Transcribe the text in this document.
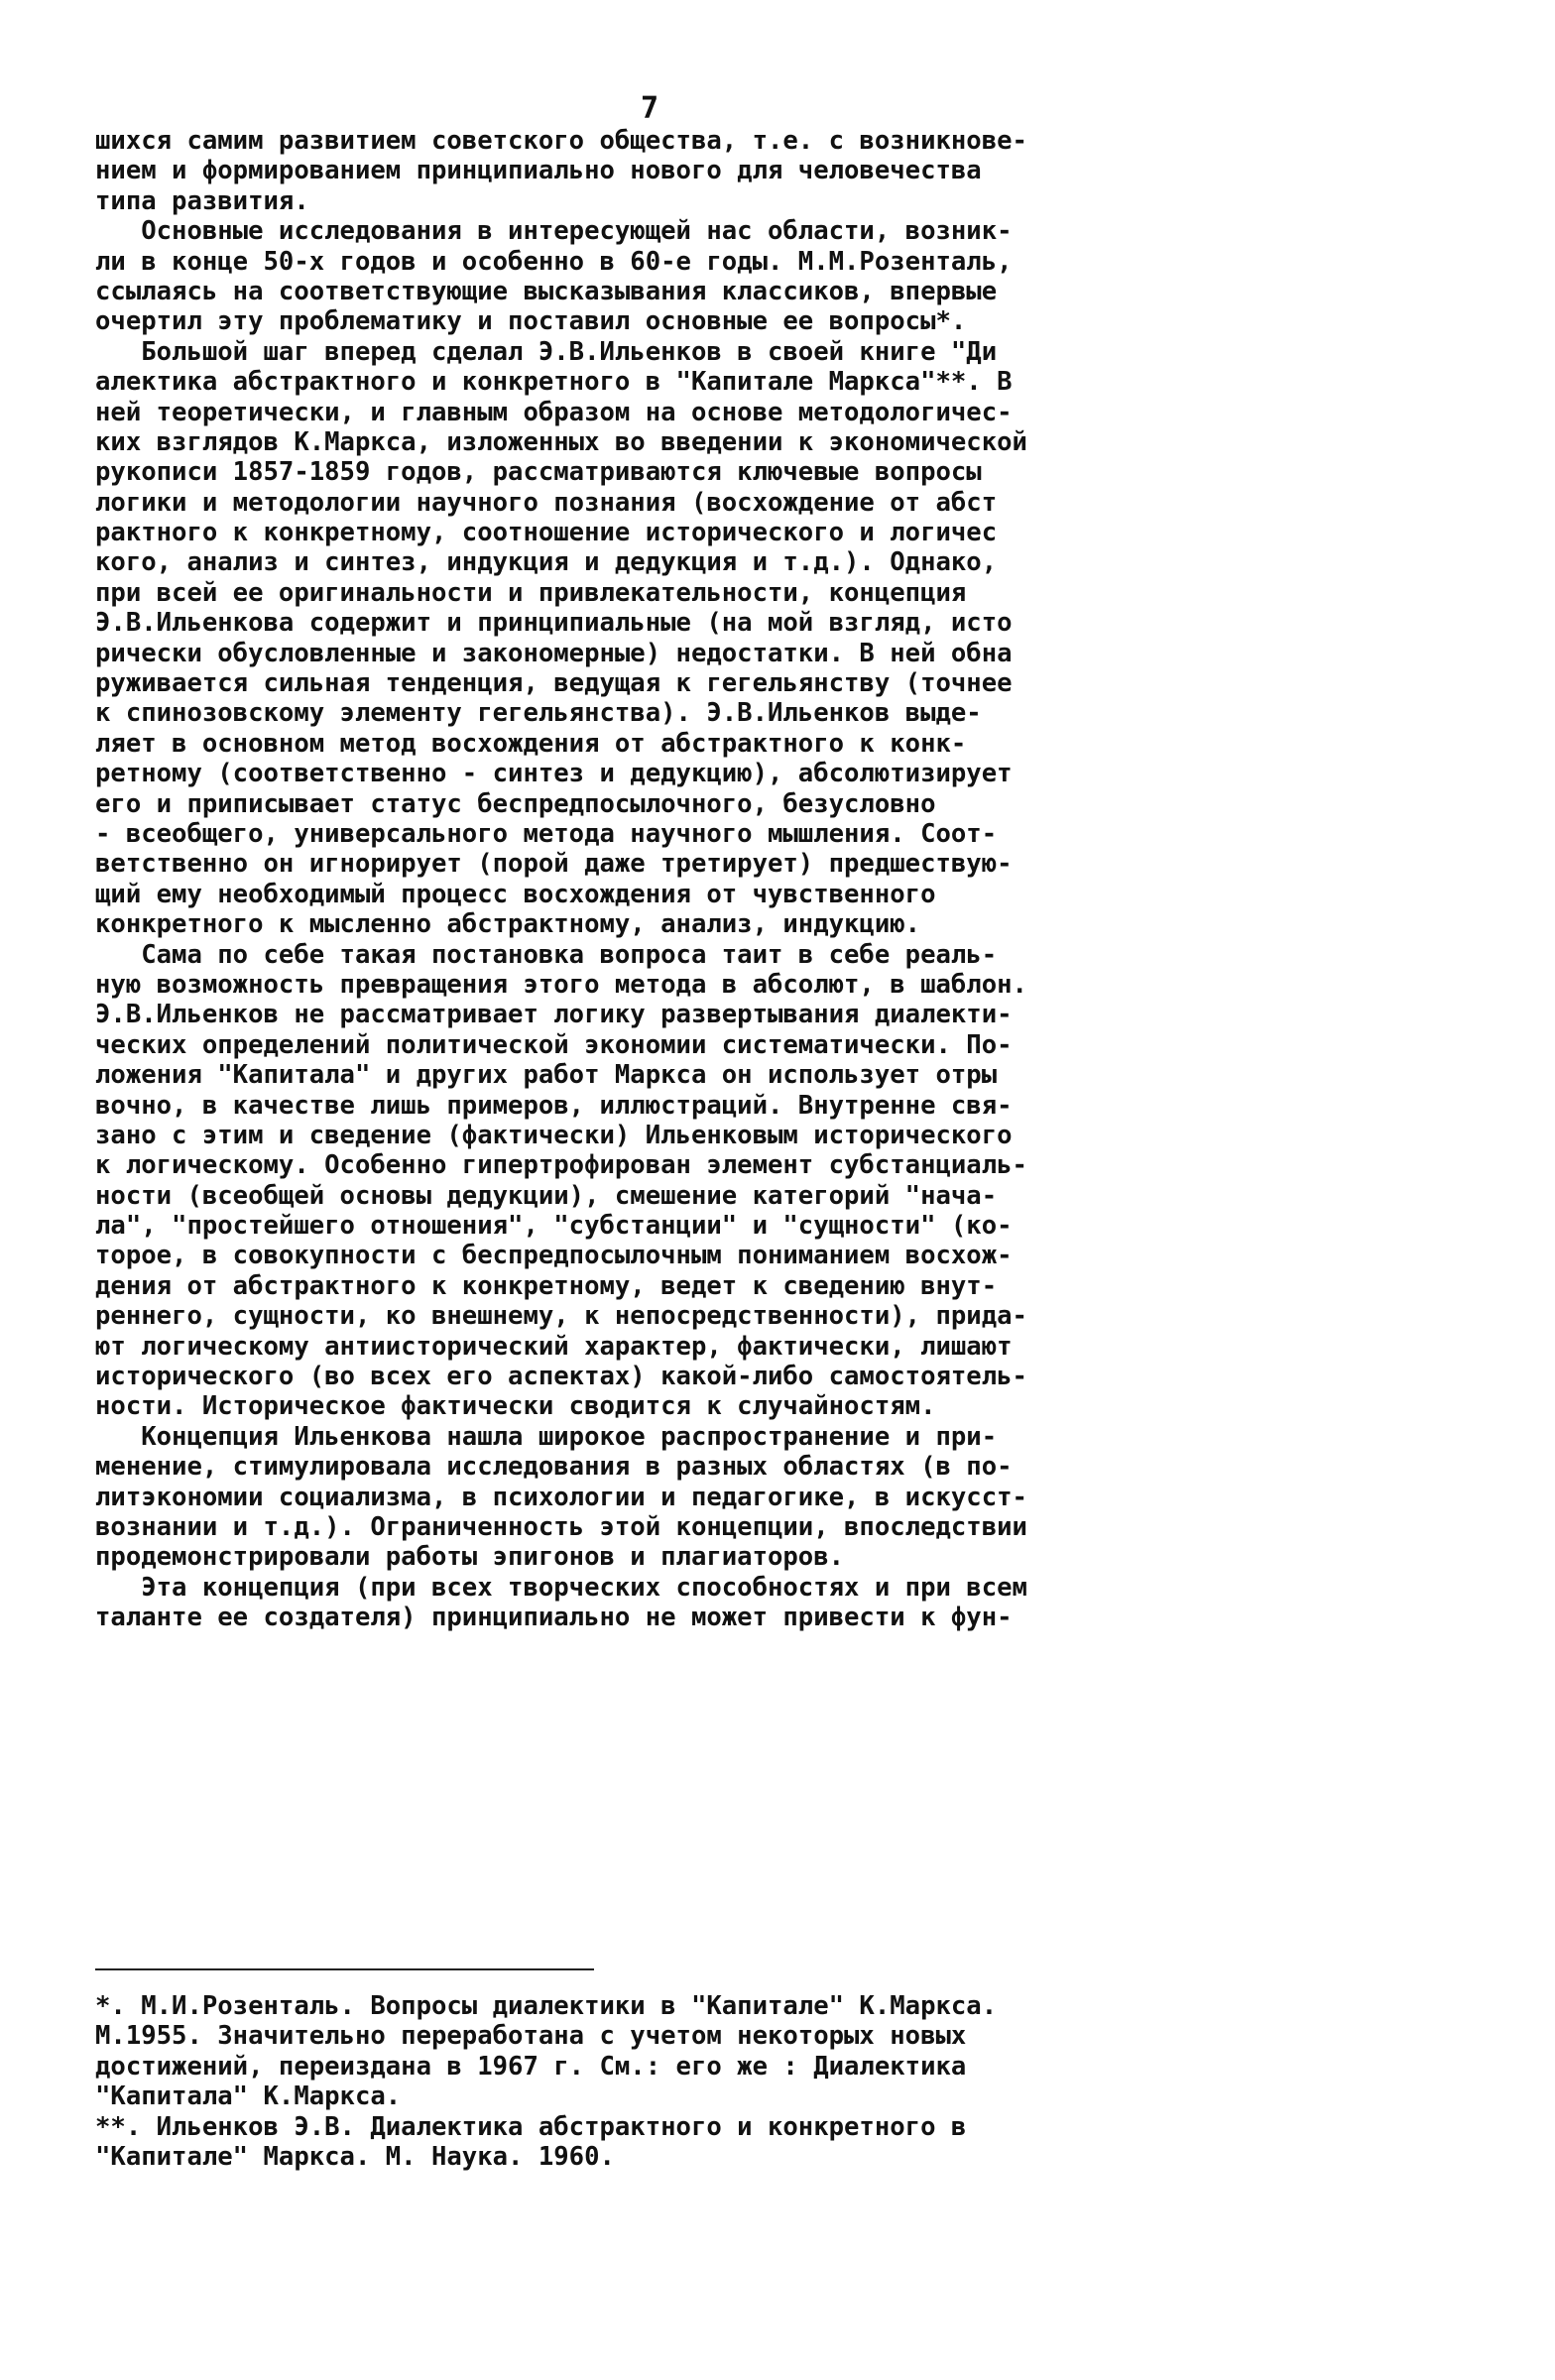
7
шихся самим развитием советского общества, т.е. с возникнове-
нием и формированием принципиально нового для человечества
типа развития.
Основные исследования в интересующей нас области, возник-
ли в конце 50-х годов и особенно в 60-е годы. М.М.Розенталь,
ссылаясь на соответствующие высказывания классиков, впервые
очертил эту проблематику и поставил основные ее вопросы*.
Большой шаг вперед сделал Э.В.Ильенков в своей книге "Ди
алектика абстрактного и конкретного в "Капитале Маркса"**. В
ней теоретически, и главным образом на основе методологичес-
ких взглядов К.Маркса, изложенных во введении к экономической
рукописи 1857-1859 годов, рассматриваются ключевые вопросы
логики и методологии научного познания (восхождение от абст
рактного к конкретному, соотношение исторического и логичес
кого, анализ и синтез, индукция и дедукция и т.д.). Однако,
при всей ее оригинальности и привлекательности, концепция
Э.В.Ильенкова содержит и принципиальные (на мой взгляд, исто
рически обусловленные и закономерные) недостатки. В ней обна
руживается сильная тенденция, ведущая к гегельянству (точнее
к спинозовскому элементу гегельянства). Э.В.Ильенков выде-
ляет в основном метод восхождения от абстрактного к конк-
ретному (соответственно - синтез и дедукцию), абсолютизирует
его и приписывает статус беспредпосылочного, безусловно
- всеобщего, универсального метода научного мышления. Соот-
ветственно он игнорирует (порой даже третирует) предшествую-
щий ему необходимый процесс восхождения от чувственного
конкретного к мысленно абстрактному, анализ, индукцию.
Сама по себе такая постановка вопроса таит в себе реаль-
ную возможность превращения этого метода в абсолют, в шаблон.
Э.В.Ильенков не рассматривает логику развертывания диалекти-
ческих определений политической экономии систематически. По-
ложения "Капитала" и других работ Маркса он использует отры
вочно, в качестве лишь примеров, иллюстраций. Внутренне свя-
зано с этим и сведение (фактически) Ильенковым исторического
к логическому. Особенно гипертрофирован элемент субстанциаль-
ности (всеобщей основы дедукции), смешение категорий "нача-
ла", "простейшего отношения", "субстанции" и "сущности" (ко-
торое, в совокупности с беспредпосылочным пониманием восхож-
дения от абстрактного к конкретному, ведет к сведению внут-
реннего, сущности, ко внешнему, к непосредственности), прида-
ют логическому антиисторический характер, фактически, лишают
исторического (во всех его аспектах) какой-либо самостоятель-
ности. Историческое фактически сводится к случайностям.
Концепция Ильенкова нашла широкое распространение и при-
менение, стимулировала исследования в разных областях (в по-
литэкономии социализма, в психологии и педагогике, в искусст-
вознании и т.д.). Ограниченность этой концепции, впоследствии
продемонстрировали работы эпигонов и плагиаторов.
Эта концепция (при всех творческих способностях и при всем
таланте ее создателя) принципиально не может привести к фун-
*. М.И.Розенталь. Вопросы диалектики в "Капитале" К.Маркса.
М.1955. Значительно переработана с учетом некоторых новых
достижений, переиздана в 1967 г. См.: его же : Диалектика
"Капитала" К.Маркса.
**. Ильенков Э.В. Диалектика абстрактного и конкретного в
"Капитале" Маркса. М. Наука. 1960.
